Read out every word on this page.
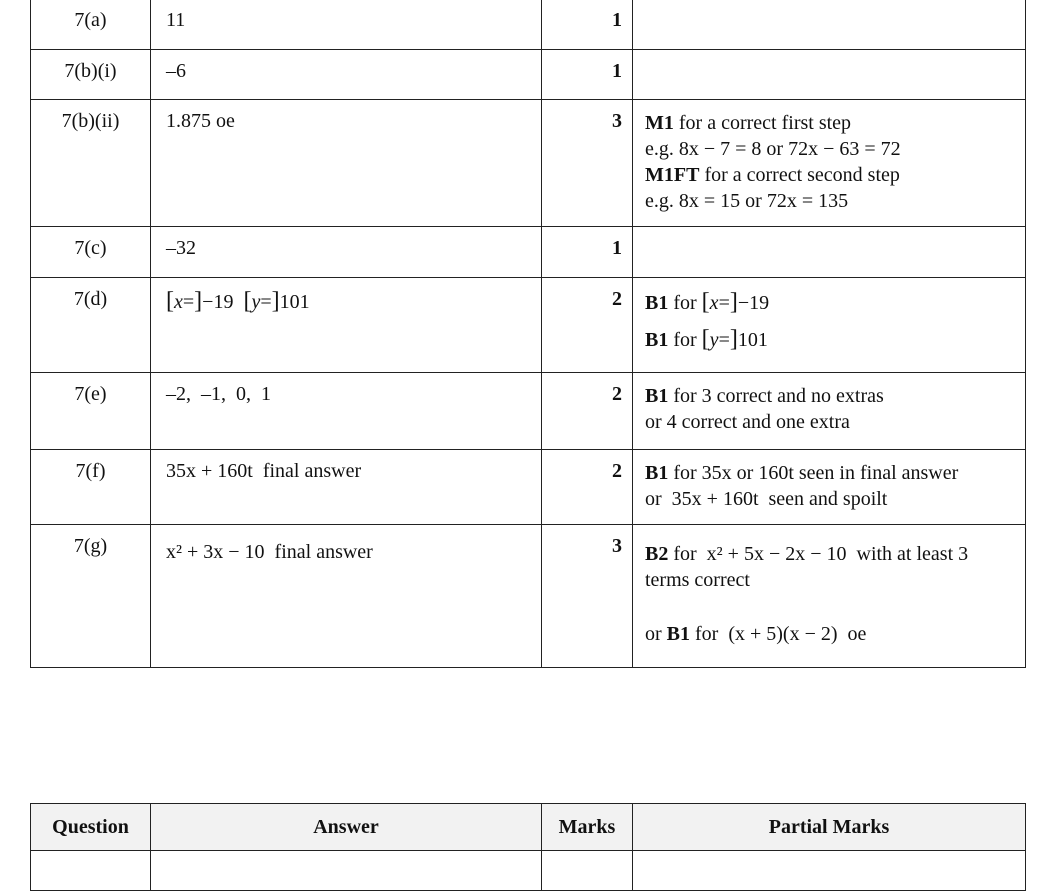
7(a)	11	1	
7(b)(i)	–6	1	
7(b)(ii)	1.875 oe	3	M1 for a correct first step
e.g. 8x − 7 = 8 or 72x − 63 = 72
M1FT for a correct second step
e.g. 8x = 15 or 72x = 135

7(c)	–32	1	
7(d)	[x=]−19 [y=]101	2	B1 for [x=]−19
B1 for [y=]101

7(e)	–2,  –1,  0,  1	2	B1 for 3 correct and no extras
or 4 correct and one extra

7(f)	35x + 160t  final answer	2	B1 for 35x or 160t seen in final answer
or  35x + 160t  seen and spoilt

7(g)	x² + 3x − 10  final answer	3	B2 for  x² + 5x − 2x − 10  with at least 3
terms correct
or B1 for  (x + 5)(x − 2)  oe
Question	Answer	Marks	Partial Marks
